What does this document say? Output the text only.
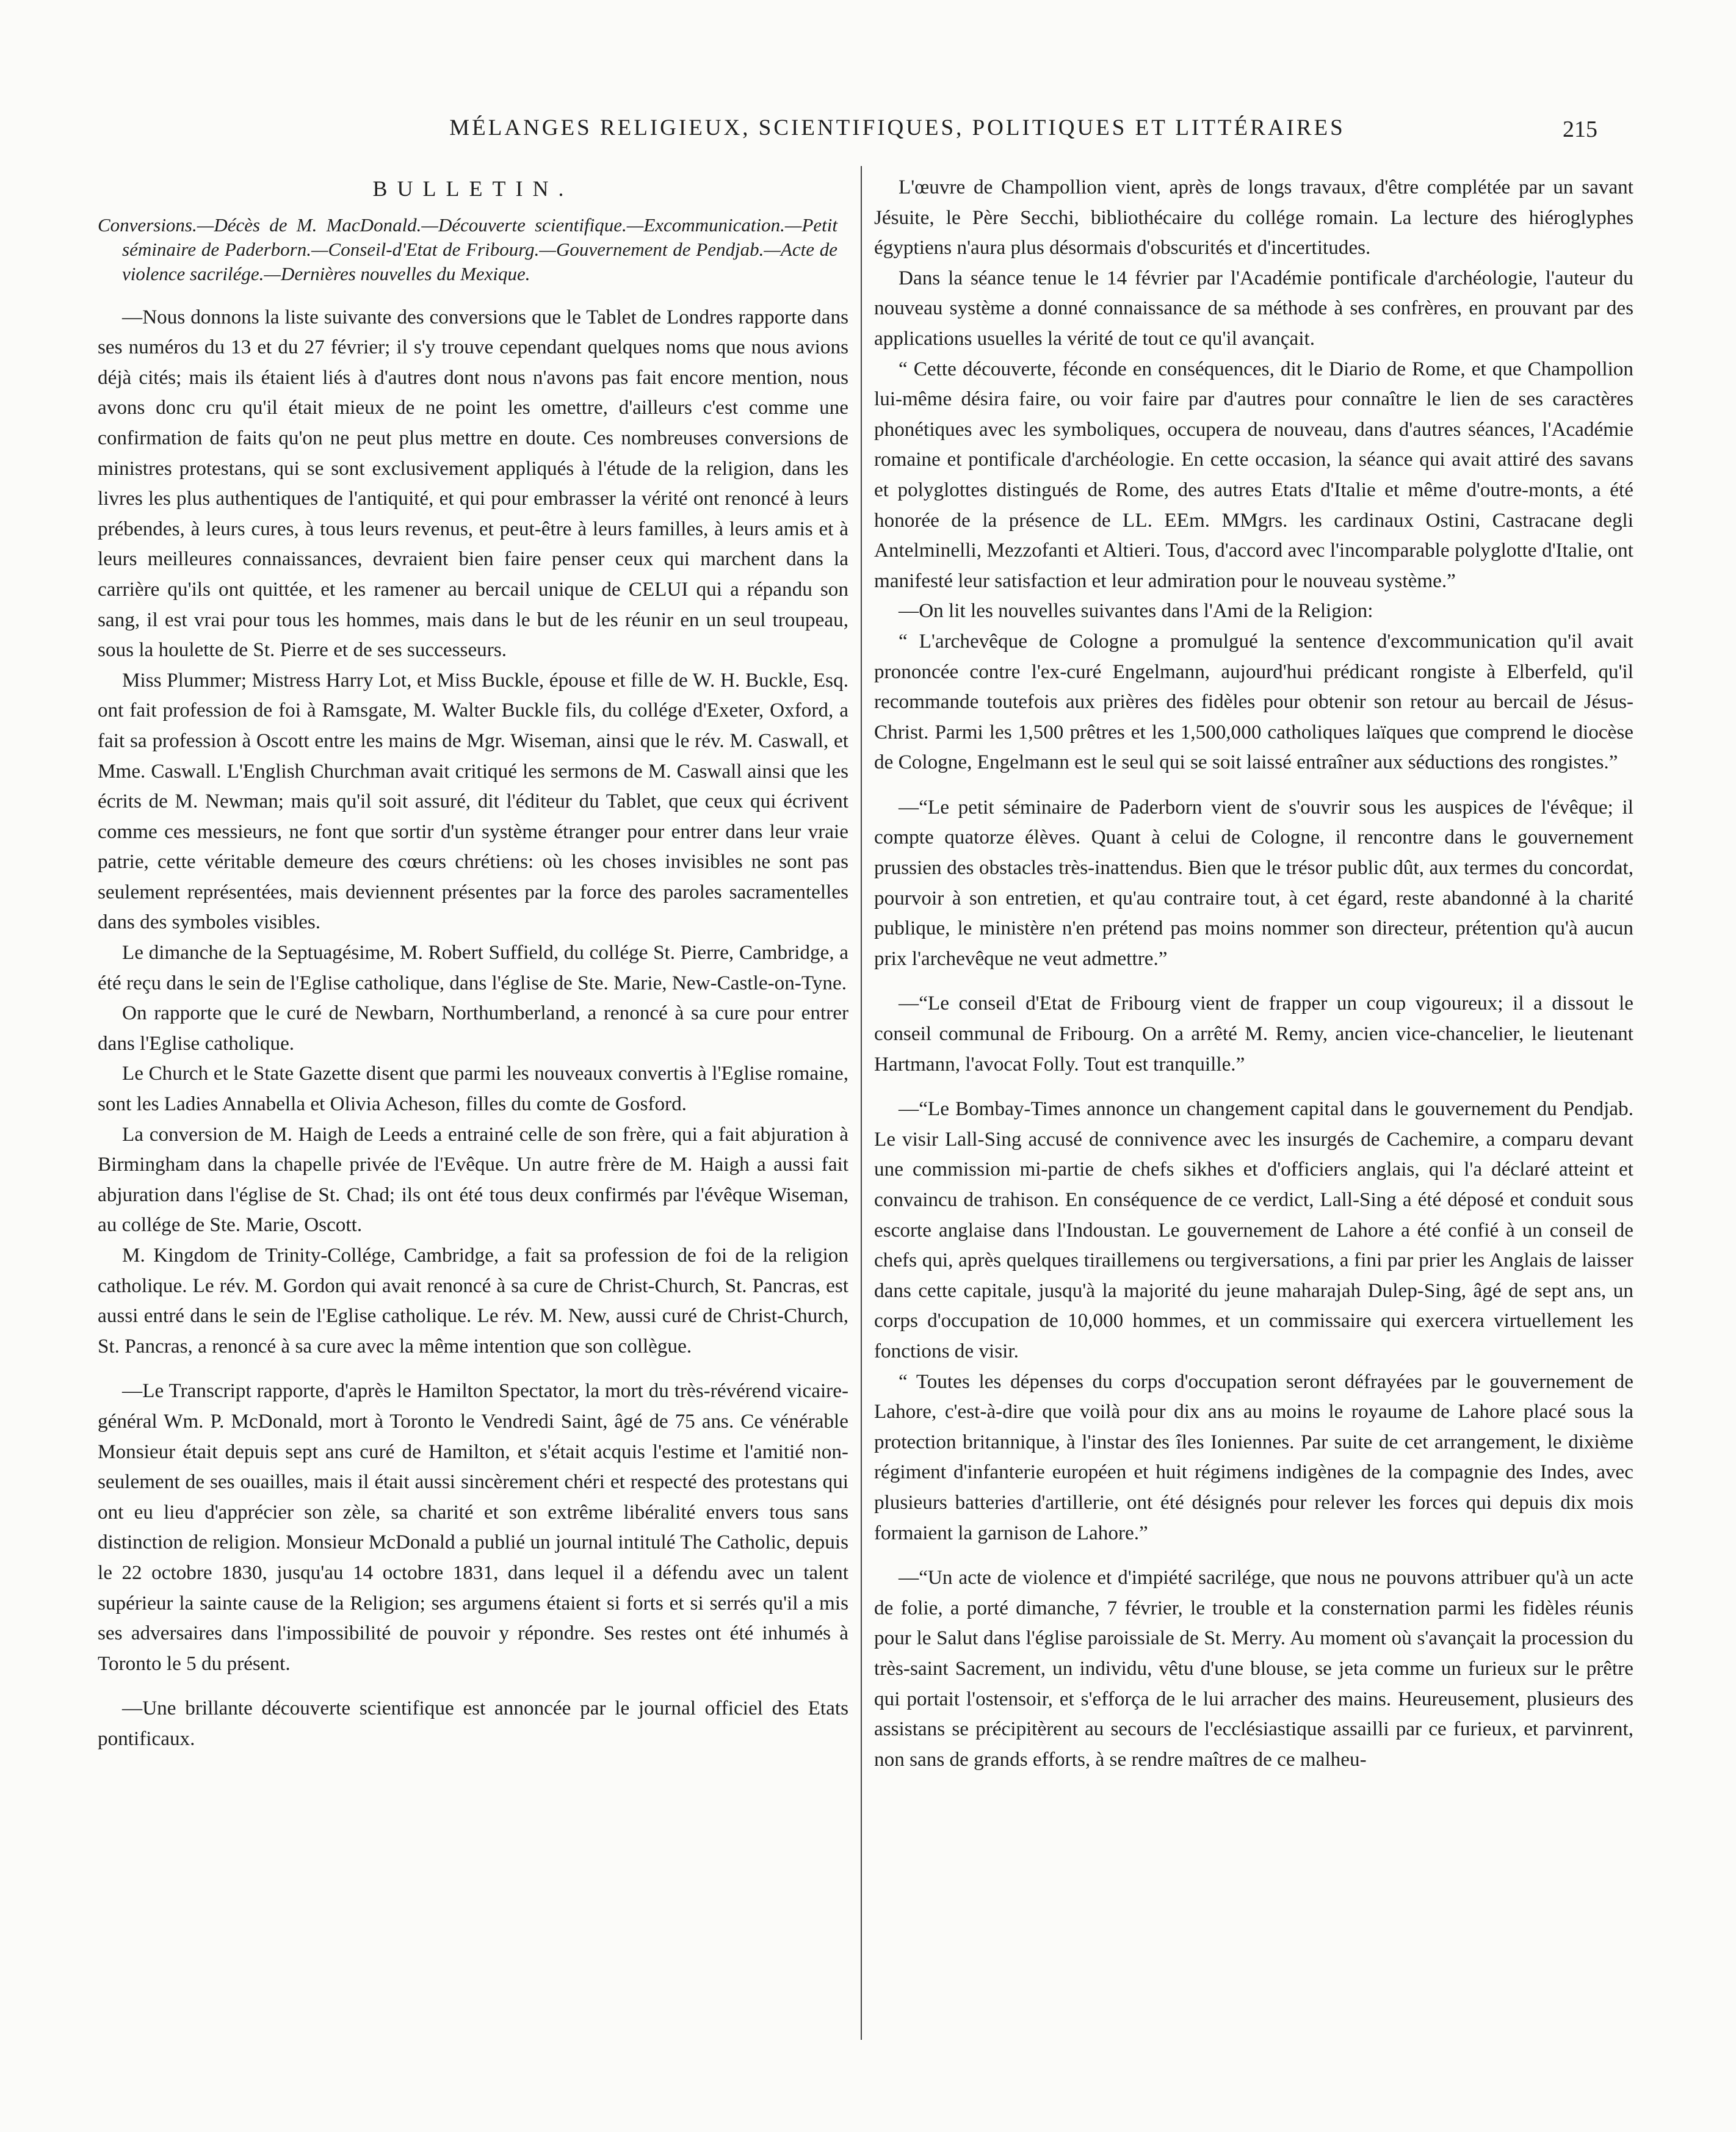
MÉLANGES RELIGIEUX, SCIENTIFIQUES, POLITIQUES ET LITTÉRAIRES	215
BULLETIN.
Conversions.—Décès de M. MacDonald.—Découverte scientifique.—Excommunication.—Petit séminaire de Paderborn.—Conseil-d'Etat de Fribourg.—Gouvernement de Pendjab.—Acte de violence sacrilége.—Dernières nouvelles du Mexique.

—Nous donnons la liste suivante des conversions que le Tablet de Londres rapporte dans ses numéros du 13 et du 27 février; il s'y trouve cependant quelques noms que nous avions déjà cités; mais ils étaient liés à d'autres dont nous n'avons pas fait encore mention, nous avons donc cru qu'il était mieux de ne point les omettre, d'ailleurs c'est comme une confirmation de faits qu'on ne peut plus mettre en doute. Ces nombreuses conversions de ministres protestans, qui se sont exclusivement appliqués à l'étude de la religion, dans les livres les plus authentiques de l'antiquité, et qui pour embrasser la vérité ont renoncé à leurs prébendes, à leurs cures, à tous leurs revenus, et peut-être à leurs familles, à leurs amis et à leurs meilleures connaissances, devraient bien faire penser ceux qui marchent dans la carrière qu'ils ont quittée, et les ramener au bercail unique de CELUI qui a répandu son sang, il est vrai pour tous les hommes, mais dans le but de les réunir en un seul troupeau, sous la houlette de St. Pierre et de ses successeurs.

Miss Plummer; Mistress Harry Lot, et Miss Buckle, épouse et fille de W. H. Buckle, Esq. ont fait profession de foi à Ramsgate, M. Walter Buckle fils, du collége d'Exeter, Oxford, a fait sa profession à Oscott entre les mains de Mgr. Wiseman, ainsi que le rév. M. Caswall, et Mme. Caswall. L'English Churchman avait critiqué les sermons de M. Caswall ainsi que les écrits de M. Newman; mais qu'il soit assuré, dit l'éditeur du Tablet, que ceux qui écrivent comme ces messieurs, ne font que sortir d'un système étranger pour entrer dans leur vraie patrie, cette véritable demeure des cœurs chrétiens: où les choses invisibles ne sont pas seulement représentées, mais deviennent présentes par la force des paroles sacramentelles dans des symboles visibles.

Le dimanche de la Septuagésime, M. Robert Suffield, du collége St. Pierre, Cambridge, a été reçu dans le sein de l'Eglise catholique, dans l'église de Ste. Marie, New-Castle-on-Tyne.

On rapporte que le curé de Newbarn, Northumberland, a renoncé à sa cure pour entrer dans l'Eglise catholique.

Le Church et le State Gazette disent que parmi les nouveaux convertis à l'Eglise romaine, sont les Ladies Annabella et Olivia Acheson, filles du comte de Gosford.

La conversion de M. Haigh de Leeds a entrainé celle de son frère, qui a fait abjuration à Birmingham dans la chapelle privée de l'Evêque. Un autre frère de M. Haigh a aussi fait abjuration dans l'église de St. Chad; ils ont été tous deux confirmés par l'évêque Wiseman, au collége de Ste. Marie, Oscott.

M. Kingdom de Trinity-Collége, Cambridge, a fait sa profession de foi de la religion catholique. Le rév. M. Gordon qui avait renoncé à sa cure de Christ-Church, St. Pancras, est aussi entré dans le sein de l'Eglise catholique. Le rév. M. New, aussi curé de Christ-Church, St. Pancras, a renoncé à sa cure avec la même intention que son collègue.

—Le Transcript rapporte, d'après le Hamilton Spectator, la mort du très-révérend vicaire-général Wm. P. McDonald, mort à Toronto le Vendredi Saint, âgé de 75 ans. Ce vénérable Monsieur était depuis sept ans curé de Hamilton, et s'était acquis l'estime et l'amitié non-seulement de ses ouailles, mais il était aussi sincèrement chéri et respecté des protestans qui ont eu lieu d'apprécier son zèle, sa charité et son extrême libéralité envers tous sans distinction de religion. Monsieur McDonald a publié un journal intitulé The Catholic, depuis le 22 octobre 1830, jusqu'au 14 octobre 1831, dans lequel il a défendu avec un talent supérieur la sainte cause de la Religion; ses argumens étaient si forts et si serrés qu'il a mis ses adversaires dans l'impossibilité de pouvoir y répondre. Ses restes ont été inhumés à Toronto le 5 du présent.

—Une brillante découverte scientifique est annoncée par le journal officiel des Etats pontificaux.

L'œuvre de Champollion vient, après de longs travaux, d'être complétée par un savant Jésuite, le Père Secchi, bibliothécaire du collége romain. La lecture des hiéroglyphes égyptiens n'aura plus désormais d'obscurités et d'incertitudes.

Dans la séance tenue le 14 février par l'Académie pontificale d'archéologie, l'auteur du nouveau système a donné connaissance de sa méthode à ses confrères, en prouvant par des applications usuelles la vérité de tout ce qu'il avançait.

“ Cette découverte, féconde en conséquences, dit le Diario de Rome, et que Champollion lui-même désira faire, ou voir faire par d'autres pour connaître le lien de ses caractères phonétiques avec les symboliques, occupera de nouveau, dans d'autres séances, l'Académie romaine et pontificale d'archéologie. En cette occasion, la séance qui avait attiré des savans et polyglottes distingués de Rome, des autres Etats d'Italie et même d'outre-monts, a été honorée de la présence de LL. EEm. MMgrs. les cardinaux Ostini, Castracane degli Antelminelli, Mezzofanti et Altieri. Tous, d'accord avec l'incomparable polyglotte d'Italie, ont manifesté leur satisfaction et leur admiration pour le nouveau système.”

—On lit les nouvelles suivantes dans l'Ami de la Religion:

“ L'archevêque de Cologne a promulgué la sentence d'excommunication qu'il avait prononcée contre l'ex-curé Engelmann, aujourd'hui prédicant rongiste à Elberfeld, qu'il recommande toutefois aux prières des fidèles pour obtenir son retour au bercail de Jésus-Christ. Parmi les 1,500 prêtres et les 1,500,000 catholiques laïques que comprend le diocèse de Cologne, Engelmann est le seul qui se soit laissé entraîner aux séductions des rongistes.”

—“Le petit séminaire de Paderborn vient de s'ouvrir sous les auspices de l'évêque; il compte quatorze élèves. Quant à celui de Cologne, il rencontre dans le gouvernement prussien des obstacles très-inattendus. Bien que le trésor public dût, aux termes du concordat, pourvoir à son entretien, et qu'au contraire tout, à cet égard, reste abandonné à la charité publique, le ministère n'en prétend pas moins nommer son directeur, prétention qu'à aucun prix l'archevêque ne veut admettre.”

—“Le conseil d'Etat de Fribourg vient de frapper un coup vigoureux; il a dissout le conseil communal de Fribourg. On a arrêté M. Remy, ancien vice-chancelier, le lieutenant Hartmann, l'avocat Folly. Tout est tranquille.”

—“Le Bombay-Times annonce un changement capital dans le gouvernement du Pendjab. Le visir Lall-Sing accusé de connivence avec les insurgés de Cachemire, a comparu devant une commission mi-partie de chefs sikhes et d'officiers anglais, qui l'a déclaré atteint et convaincu de trahison. En conséquence de ce verdict, Lall-Sing a été déposé et conduit sous escorte anglaise dans l'Indoustan. Le gouvernement de Lahore a été confié à un conseil de chefs qui, après quelques tiraillemens ou tergiversations, a fini par prier les Anglais de laisser dans cette capitale, jusqu'à la majorité du jeune maharajah Dulep-Sing, âgé de sept ans, un corps d'occupation de 10,000 hommes, et un commissaire qui exercera virtuellement les fonctions de visir.

“ Toutes les dépenses du corps d'occupation seront défrayées par le gouvernement de Lahore, c'est-à-dire que voilà pour dix ans au moins le royaume de Lahore placé sous la protection britannique, à l'instar des îles Ioniennes. Par suite de cet arrangement, le dixième régiment d'infanterie européen et huit régimens indigènes de la compagnie des Indes, avec plusieurs batteries d'artillerie, ont été désignés pour relever les forces qui depuis dix mois formaient la garnison de Lahore.”

—“Un acte de violence et d'impiété sacrilége, que nous ne pouvons attribuer qu'à un acte de folie, a porté dimanche, 7 février, le trouble et la consternation parmi les fidèles réunis pour le Salut dans l'église paroissiale de St. Merry. Au moment où s'avançait la procession du très-saint Sacrement, un individu, vêtu d'une blouse, se jeta comme un furieux sur le prêtre qui portait l'ostensoir, et s'efforça de le lui arracher des mains. Heureusement, plusieurs des assistans se précipitèrent au secours de l'ecclésiastique assailli par ce furieux, et parvinrent, non sans de grands efforts, à se rendre maîtres de ce malheu-
